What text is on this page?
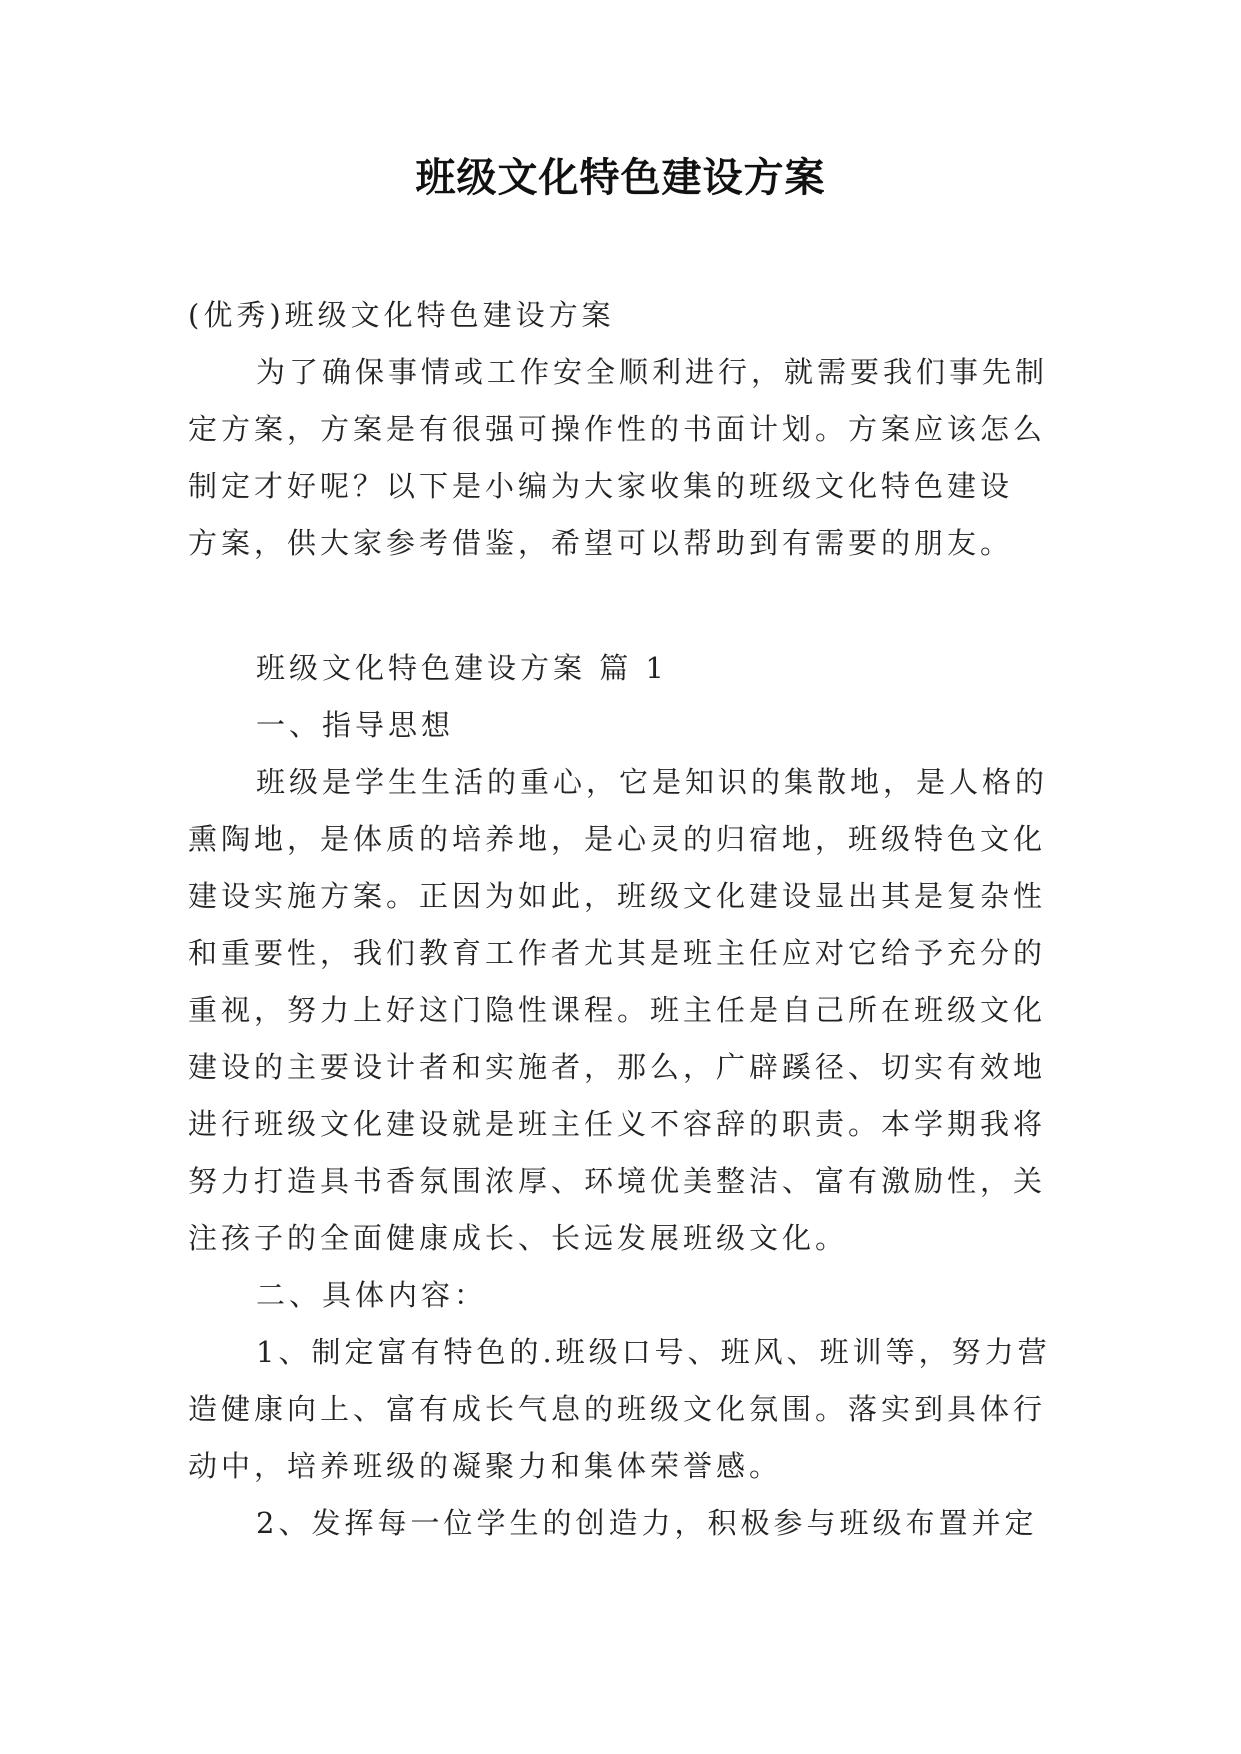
班级文化特色建设方案
(优秀)班级文化特色建设方案
为了确保事情或工作安全顺利进行，就需要我们事先制
定方案，方案是有很强可操作性的书面计划。方案应该怎么
制定才好呢？以下是小编为大家收集的班级文化特色建设
方案，供大家参考借鉴，希望可以帮助到有需要的朋友。
班级文化特色建设方案 篇 1
一、指导思想
班级是学生生活的重心，它是知识的集散地，是人格的
熏陶地，是体质的培养地，是心灵的归宿地，班级特色文化
建设实施方案。正因为如此，班级文化建设显出其是复杂性
和重要性，我们教育工作者尤其是班主任应对它给予充分的
重视，努力上好这门隐性课程。班主任是自己所在班级文化
建设的主要设计者和实施者，那么，广辟蹊径、切实有效地
进行班级文化建设就是班主任义不容辞的职责。本学期我将
努力打造具书香氛围浓厚、环境优美整洁、富有激励性，关
注孩子的全面健康成长、长远发展班级文化。
二、具体内容：
1、制定富有特色的.班级口号、班风、班训等，努力营
造健康向上、富有成长气息的班级文化氛围。落实到具体行
动中，培养班级的凝聚力和集体荣誉感。
2、发挥每一位学生的创造力，积极参与班级布置并定
